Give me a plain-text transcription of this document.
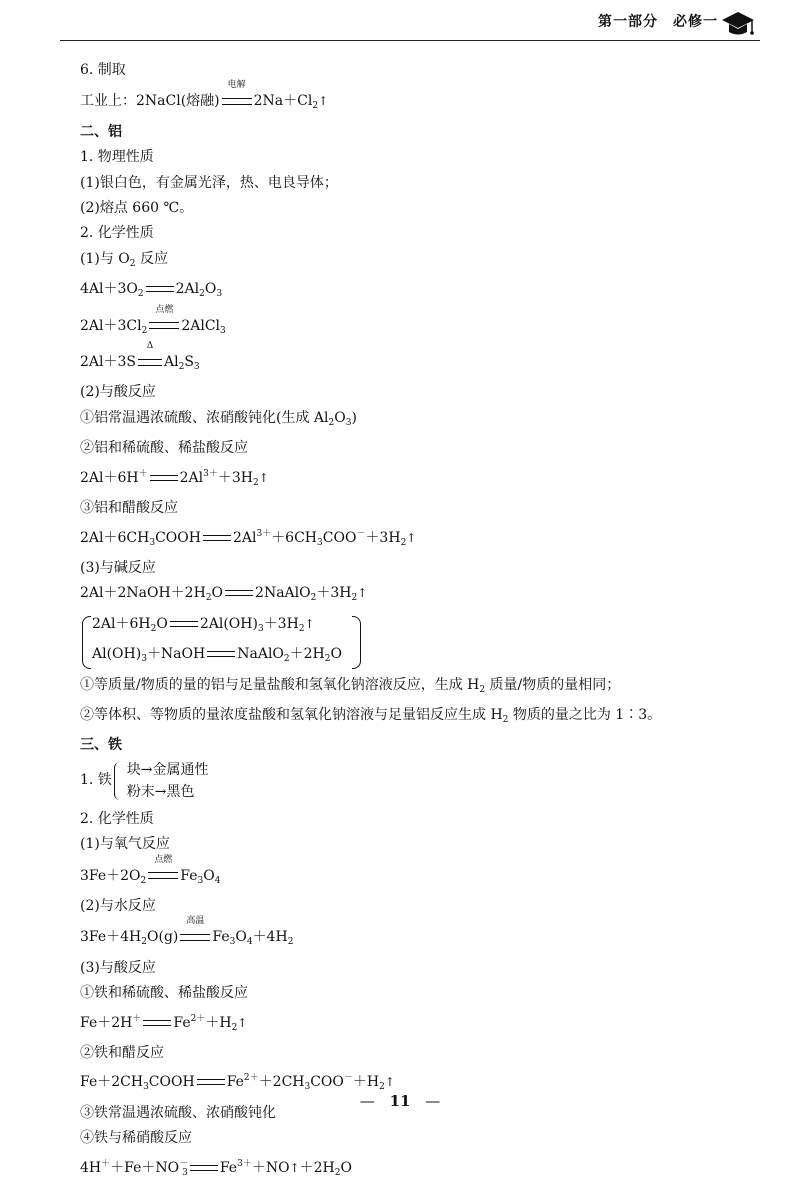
第一部分　必修一
6. 制取
工业上：2NaCl(熔融)
电解
$2Na+Cl_2↑$
二、铝
1. 物理性质
(1)银白色，有金属光泽，热、电良导体；
(2)熔点 660 ℃。
2. 化学性质
(1)与 $O_2$ 反应
$4Al+3O_2$ $2Al_2O_3$
$2Al+3Cl_2$
点燃
2AlCl$_3$
2Al＋3S
Δ
$Al_2S_3$
(2)与酸反应
①铝常温遇浓硫酸、浓硝酸钝化(生成 $Al_2O_3$)
②铝和稀硫酸、稀盐酸反应
2Al＋6H＋ $2Al^{3+}+3H_2↑$
③铝和醋酸反应
$2Al+6CH_3COOH$ $2Al^{3+}+6CH_3COO^-+3H_2↑$
(3)与碱反应
$2Al+2NaOH+2H_2O$ $2NaAlO_2+3H_2↑$
$2Al+6H_2O$ $2Al(OH)_3+3H_2↑$
$Al(OH)_3+NaOH$ $NaAlO_2+2H_2O$
①等质量/物质的量的铝与足量盐酸和氢氧化钠溶液反应，生成 $H_2$ 质量/物质的量相同；
②等体积、等物质的量浓度盐酸和氢氧化钠溶液与足量铝反应生成 $H_2$ 物质的量之比为 1∶3。
三、铁
1. 铁
块→金属通性
粉末→黑色
2. 化学性质
(1)与氧气反应
$3Fe+2O_2$
点燃
$Fe_3O_4$
(2)与水反应
$3Fe+4H_2O(g)$
高温
$Fe_3O_4+4H_2$
(3)与酸反应
①铁和稀硫酸、稀盐酸反应
Fe＋2H＋ $Fe^{2+}+H_2↑$
②铁和醋反应
$Fe+2CH_3COOH$ $Fe^{2+}+2CH_3COO^-+H_2↑$
③铁常温遇浓硫酸、浓硝酸钝化
④铁与稀硝酸反应
$4H^++Fe+NO^-_3$ $Fe^{3+}+NO↑+2H_2O$
— 11 —
